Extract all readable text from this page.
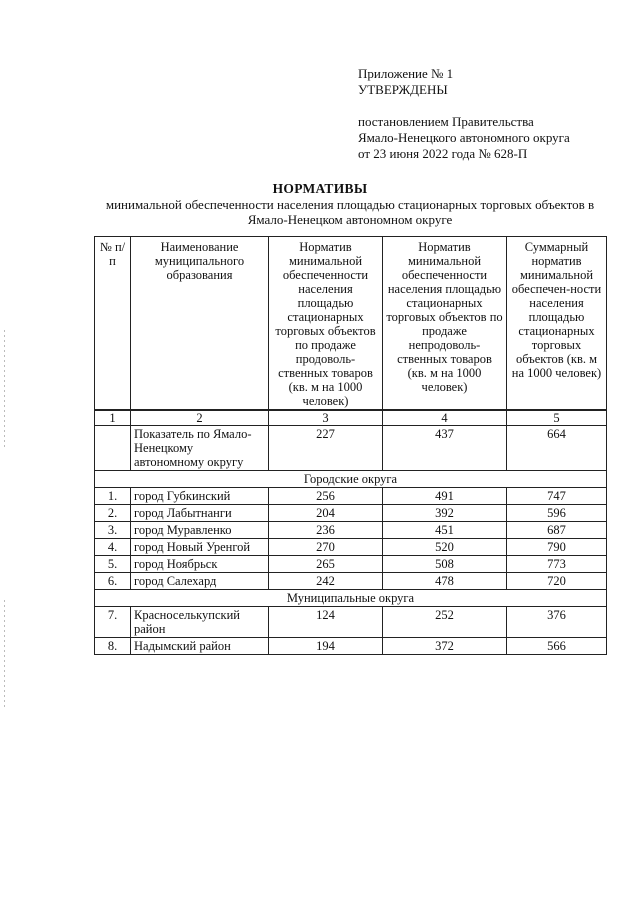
Приложение № 1
УТВЕРЖДЕНЫ
постановлением Правительства
Ямало-Ненецкого автономного округа
от 23 июня 2022 года № 628-П
НОРМАТИВЫ
минимальной обеспеченности населения площадью стационарных торговых объектов в Ямало-Ненецком автономном округе
№ п/п	Наименование муниципального образования	Норматив минимальной обеспеченности населения площадью стационарных торговых объектов по продаже продоволь-ственных товаров (кв. м на 1000 человек)	Норматив минимальной обеспеченности населения площадью стационарных торговых объектов по продаже непродоволь-ственных товаров (кв. м на 1000 человек)	Суммарный норматив минимальной обеспечен-ности населения площадью стационарных торговых объектов (кв. м на 1000 человек)
1	2	3	4	5
	Показатель по Ямало-Ненецкому автономному округу	227	437	664
Городские округа				
1.	город Губкинский	256	491	747
2.	город Лабытнанги	204	392	596
3.	город Муравленко	236	451	687
4.	город Новый Уренгой	270	520	790
5.	город Ноябрьск	265	508	773
6.	город Салехард	242	478	720
Муниципальные округа				
7.	Красноселькупский район	124	252	376
8.	Надымский район	194	372	566
